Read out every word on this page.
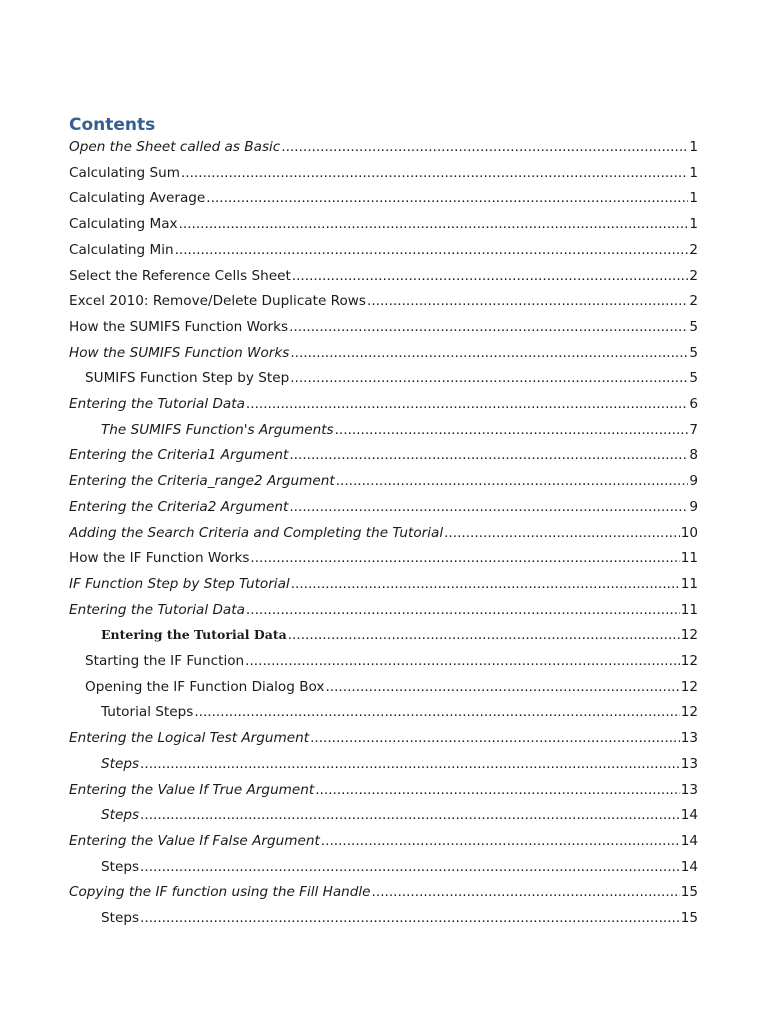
Contents
Open the Sheet called as Basic .....	1
Calculating Sum .....	1
Calculating Average .....	1
Calculating Max .....	1
Calculating Min .....	2
Select the Reference Cells Sheet .....	2
Excel 2010: Remove/Delete Duplicate Rows .....	2
How the SUMIFS Function Works .....	5
How the SUMIFS Function Works .....	5
SUMIFS Function Step by Step .....	5
Entering the Tutorial Data .....	6
The SUMIFS Function's Arguments .....	7
Entering the Criteria1 Argument .....	8
Entering the Criteria_range2 Argument .....	9
Entering the Criteria2 Argument .....	9
Adding the Search Criteria and Completing the Tutorial .....	10
How the IF Function Works .....	11
IF Function Step by Step Tutorial .....	11
Entering the Tutorial Data .....	11
Entering the Tutorial Data .....	12
Starting the IF Function .....	12
Opening the IF Function Dialog Box .....	12
Tutorial Steps .....	12
Entering the Logical Test Argument .....	13
Steps .....	13
Entering the Value If True Argument .....	13
Steps .....	14
Entering the Value If False Argument .....	14
Steps .....	14
Copying the IF function using the Fill Handle .....	15
Steps .....	15
